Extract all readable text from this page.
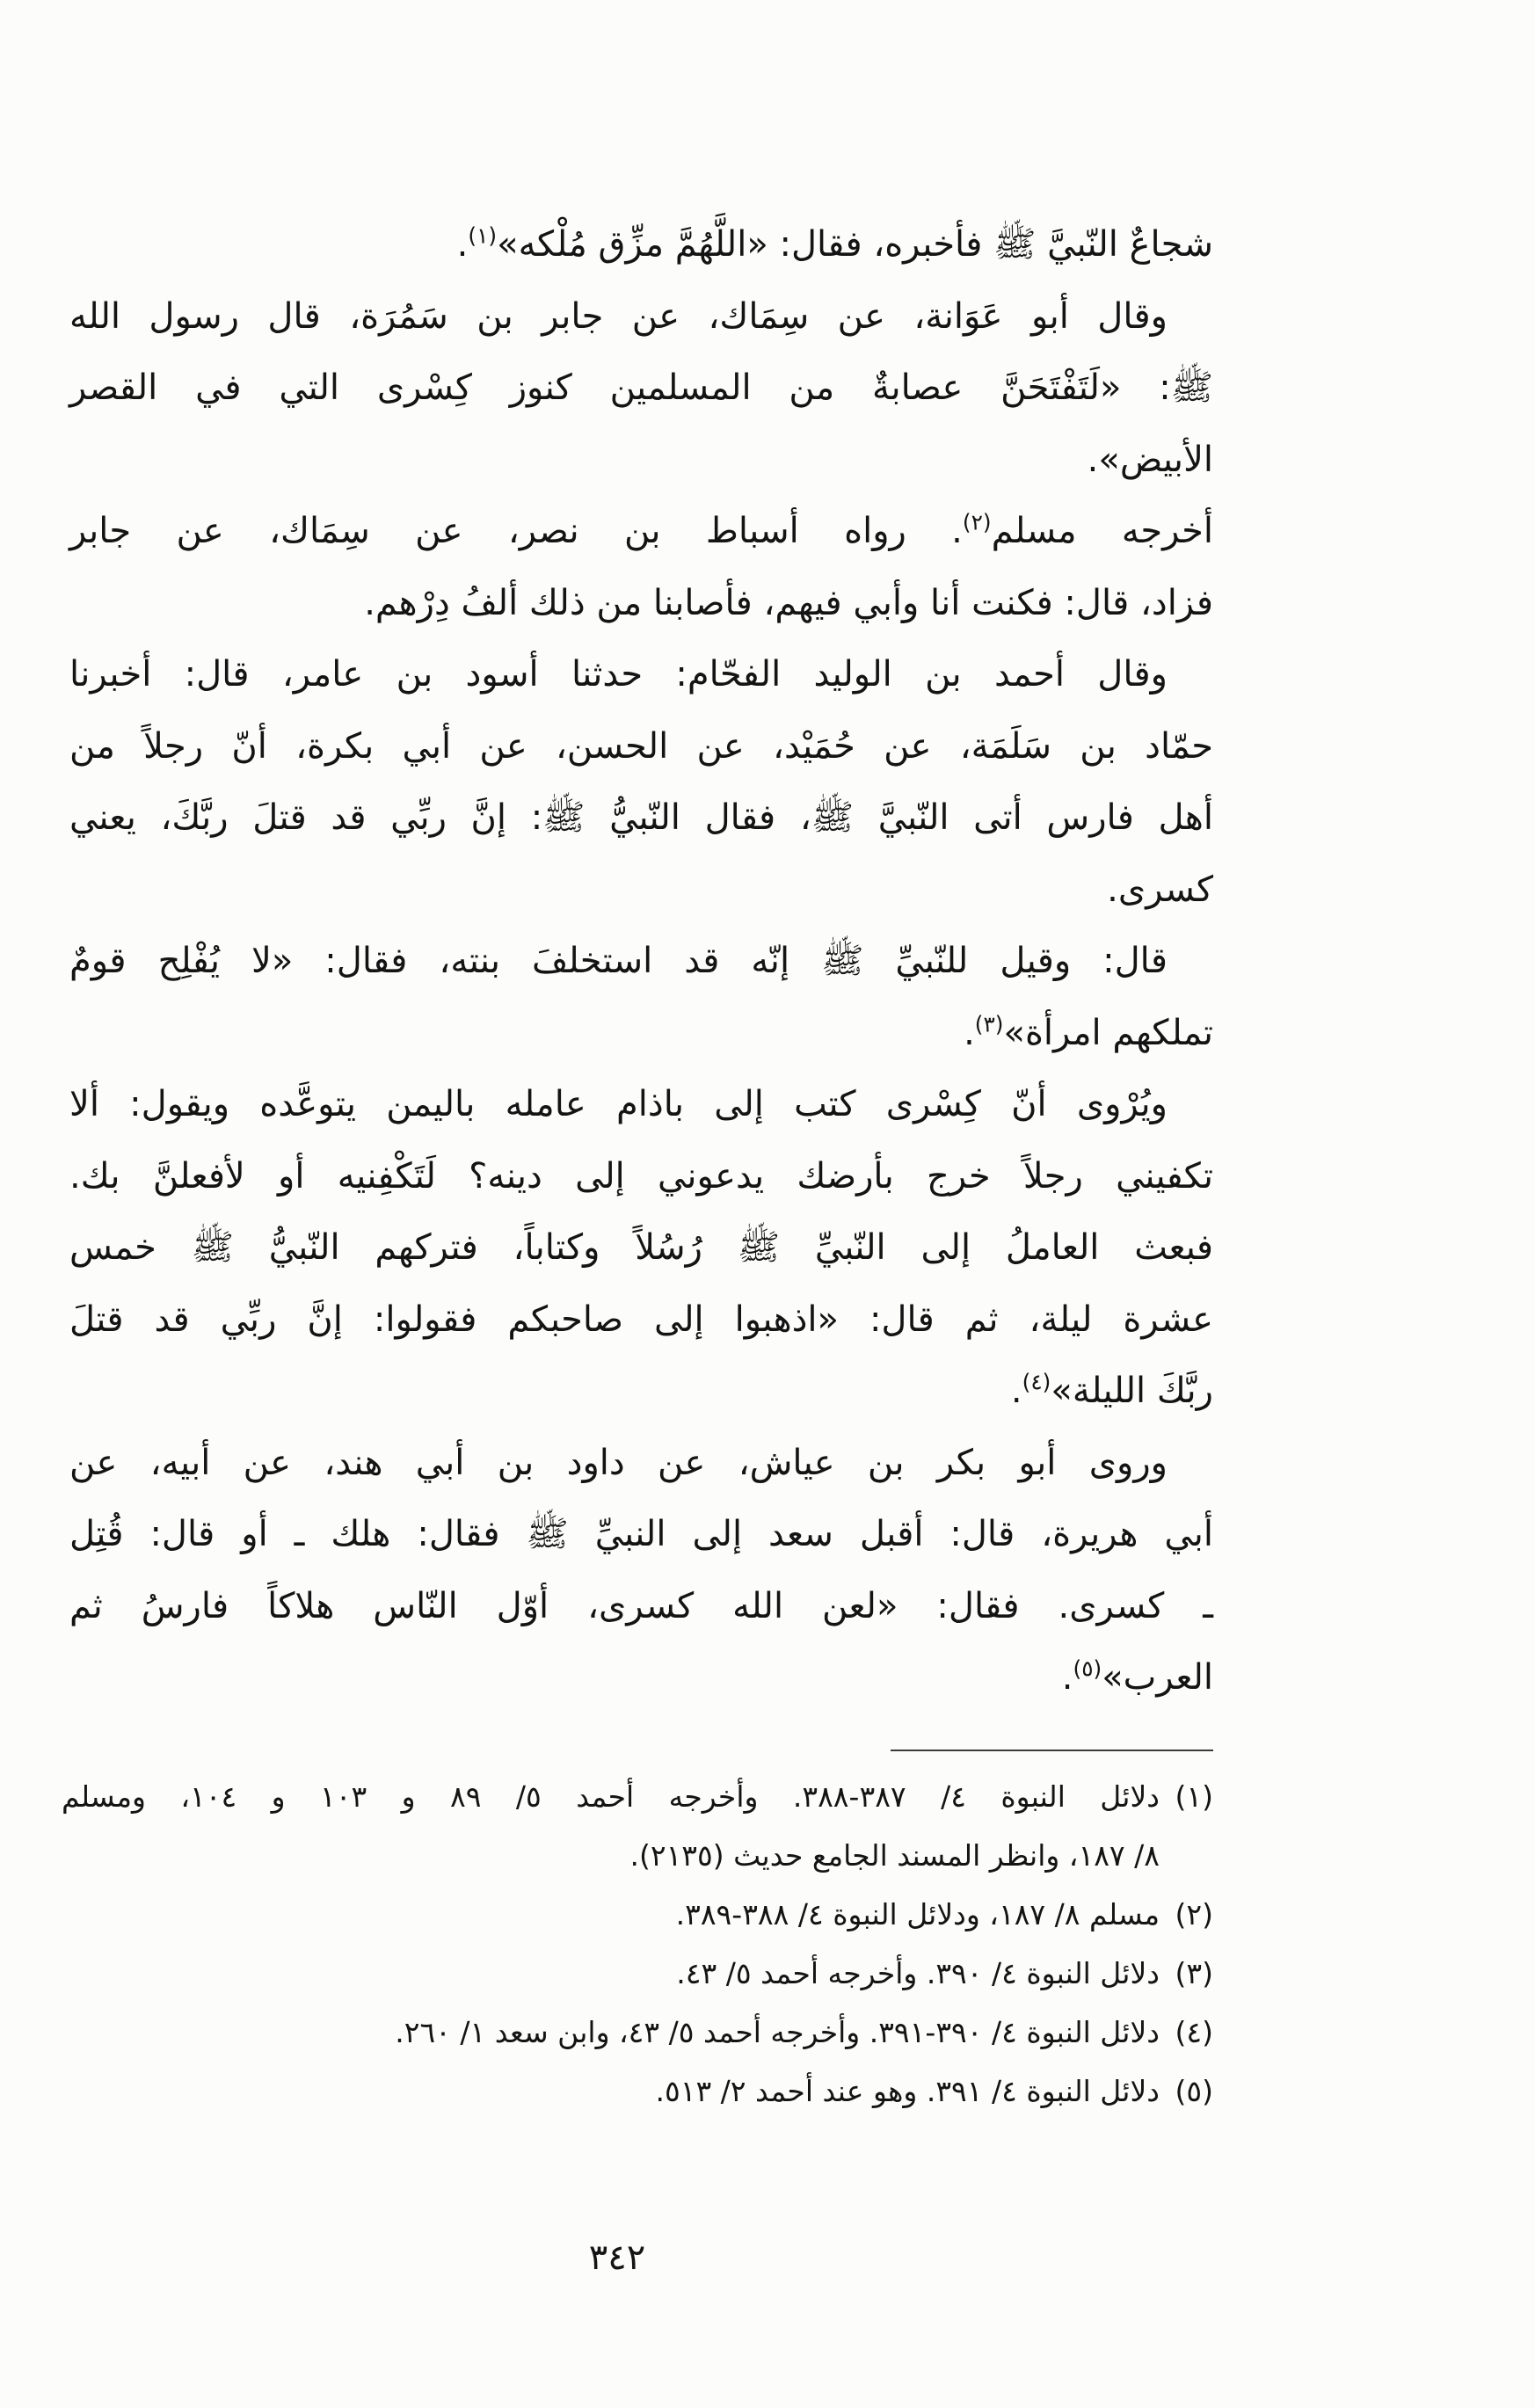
شجاعٌ النّبيَّ ﷺ فأخبره، فقال: «اللَّهُمَّ مزِّق مُلْكه»$^{(١)}$.
وقال أبو عَوَانة، عن سِمَاك، عن جابر بن سَمُرَة، قال رسول الله
ﷺ: «لَتَفْتَحَنَّ عصابةٌ من المسلمين كنوز كِسْرى التي في القصر
الأبيض».
أخرجه مسلم$^{(٢)}$. رواه أسباط بن نصر، عن سِمَاك، عن جابر
فزاد، قال: فكنت أنا وأبي فيهم، فأصابنا من ذلك ألفُ دِرْهم.
وقال أحمد بن الوليد الفحّام: حدثنا أسود بن عامر، قال: أخبرنا
حمّاد بن سَلَمَة، عن حُمَيْد، عن الحسن، عن أبي بكرة، أنّ رجلاً من
أهل فارس أتى النّبيَّ ﷺ، فقال النّبيُّ ﷺ: إنَّ ربِّي قد قتلَ ربَّكَ، يعني
كسرى.
قال: وقيل للنّبيِّ ﷺ إنّه قد استخلفَ بنته، فقال: «لا يُفْلِح قومٌ
تملكهم امرأة»$^{(٣)}$.
ويُرْوى أنّ كِسْرى كتب إلى باذام عامله باليمن يتوعَّده ويقول: ألا
تكفيني رجلاً خرج بأرضك يدعوني إلى دينه؟ لَتَكْفِنيه أو لأفعلنَّ بك.
فبعث العاملُ إلى النّبيِّ ﷺ رُسُلاً وكتاباً، فتركهم النّبيُّ ﷺ خمس
عشرة ليلة، ثم قال: «اذهبوا إلى صاحبكم فقولوا: إنَّ ربِّي قد قتلَ
ربَّكَ الليلة»$^{(٤)}$.
وروى أبو بكر بن عياش، عن داود بن أبي هند، عن أبيه، عن
أبي هريرة، قال: أقبل سعد إلى النبيِّ ﷺ فقال: هلك ـ أو قال: قُتِل
ـ كسرى. فقال: «لعن الله كسرى، أوّل النّاس هلاكاً فارسُ ثم
العرب»$^{(٥)}$.
(١)
دلائل النبوة ٤/ ٣٨٧-٣٨٨. وأخرجه أحمد ٥/ ٨٩ و ١٠٣ و ١٠٤، ومسلم
٨/ ١٨٧، وانظر المسند الجامع حديث (٢١٣٥).
(٢)
مسلم ٨/ ١٨٧، ودلائل النبوة ٤/ ٣٨٨-٣٨٩.
(٣)
دلائل النبوة ٤/ ٣٩٠. وأخرجه أحمد ٥/ ٤٣.
(٤)
دلائل النبوة ٤/ ٣٩٠-٣٩١. وأخرجه أحمد ٥/ ٤٣، وابن سعد ١/ ٢٦٠.
(٥)
دلائل النبوة ٤/ ٣٩١. وهو عند أحمد ٢/ ٥١٣.
٣٤٢
